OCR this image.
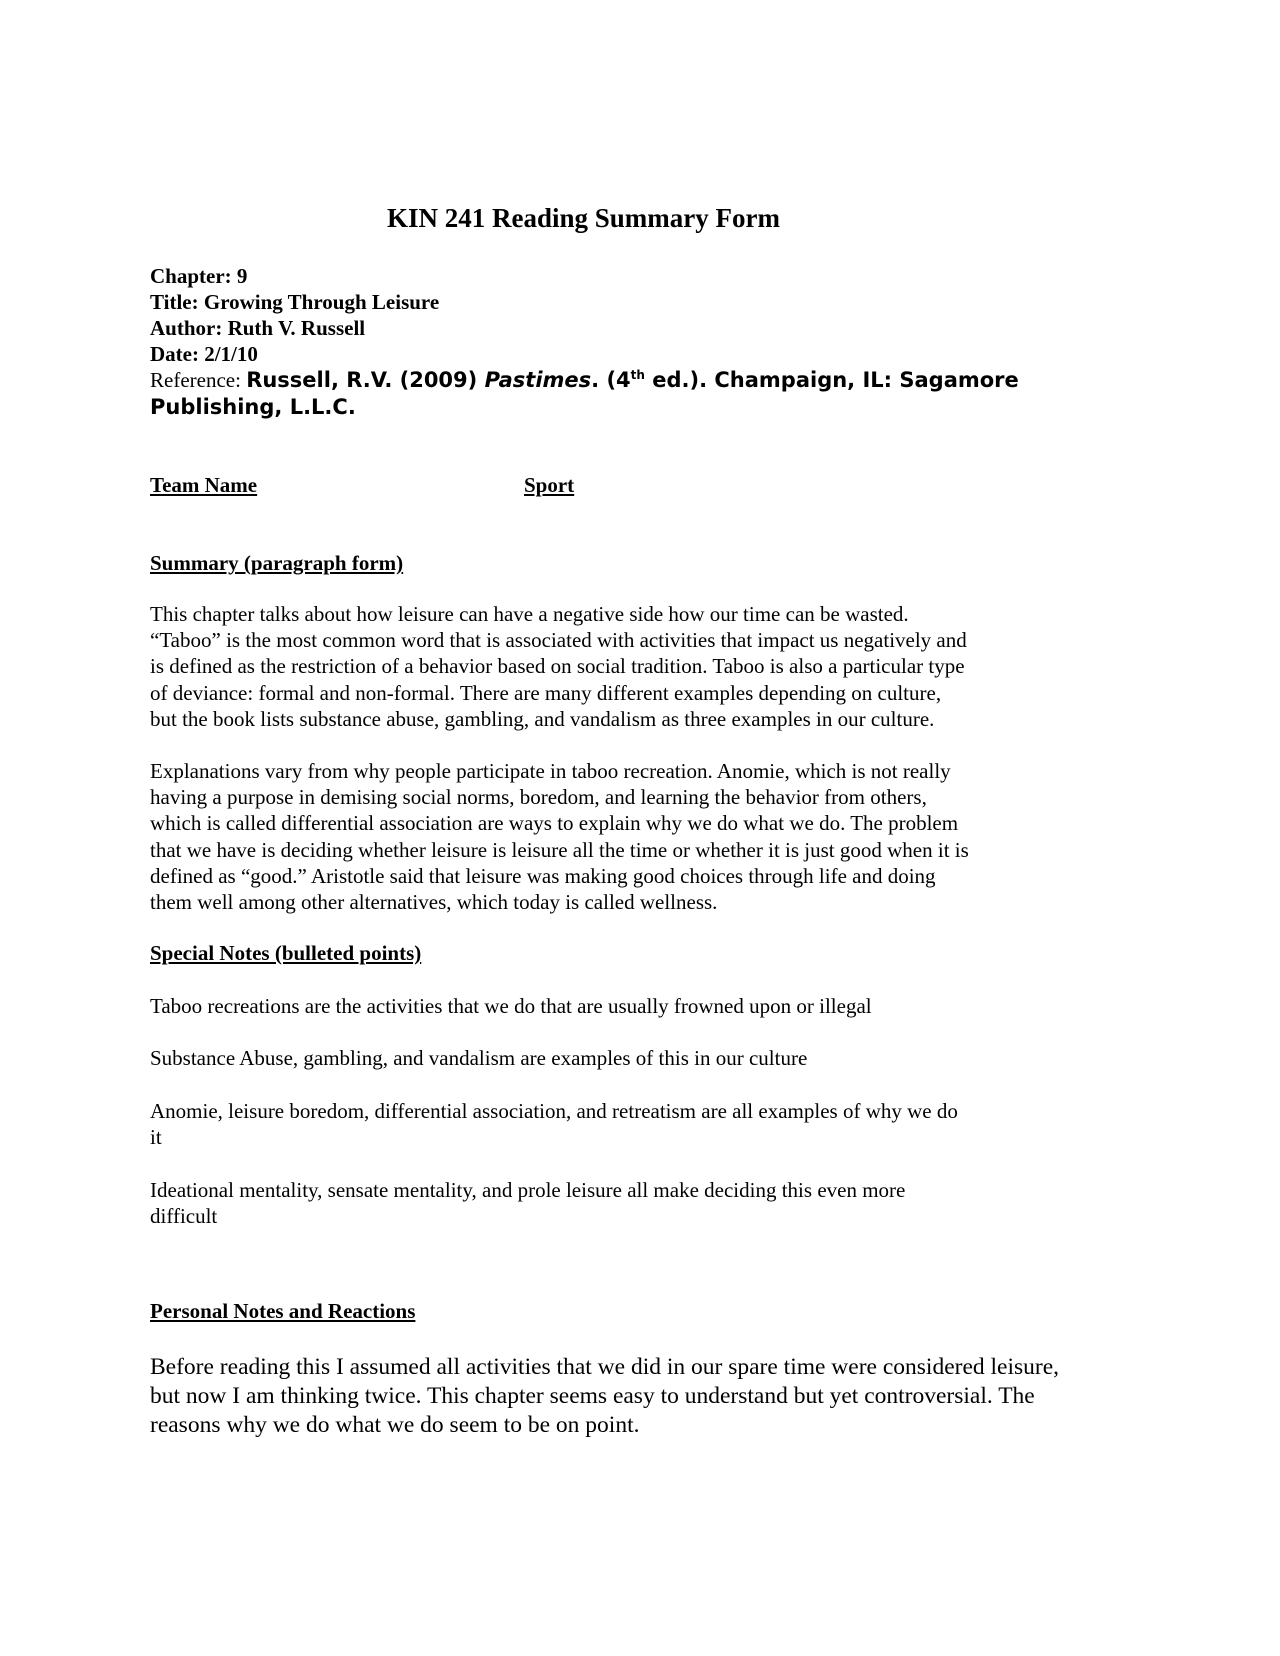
KIN 241 Reading Summary Form
Chapter: 9
Title: Growing Through Leisure
Author: Ruth V. Russell
Date: 2/1/10
Reference: Russell, R.V. (2009) Pastimes. (4th ed.). Champaign, IL: Sagamore
Publishing, L.L.C.
Team Name	Sport
Summary (paragraph form)
This chapter talks about how leisure can have a negative side how our time can be wasted.
“Taboo” is the most common word that is associated with activities that impact us negatively and
is defined as the restriction of a behavior based on social tradition. Taboo is also a particular type
of deviance: formal and non-formal. There are many different examples depending on culture,
but the book lists substance abuse, gambling, and vandalism as three examples in our culture.
Explanations vary from why people participate in taboo recreation. Anomie, which is not really
having a purpose in demising social norms, boredom, and learning the behavior from others,
which is called differential association are ways to explain why we do what we do. The problem
that we have is deciding whether leisure is leisure all the time or whether it is just good when it is
defined as “good.” Aristotle said that leisure was making good choices through life and doing
them well among other alternatives, which today is called wellness.
Special Notes (bulleted points)
Taboo recreations are the activities that we do that are usually frowned upon or illegal
Substance Abuse, gambling, and vandalism are examples of this in our culture
Anomie, leisure boredom, differential association, and retreatism are all examples of why we do
it
Ideational mentality, sensate mentality, and prole leisure all make deciding this even more
difficult
Personal Notes and Reactions
Before reading this I assumed all activities that we did in our spare time were considered leisure,
but now I am thinking twice. This chapter seems easy to understand but yet controversial. The
reasons why we do what we do seem to be on point.
